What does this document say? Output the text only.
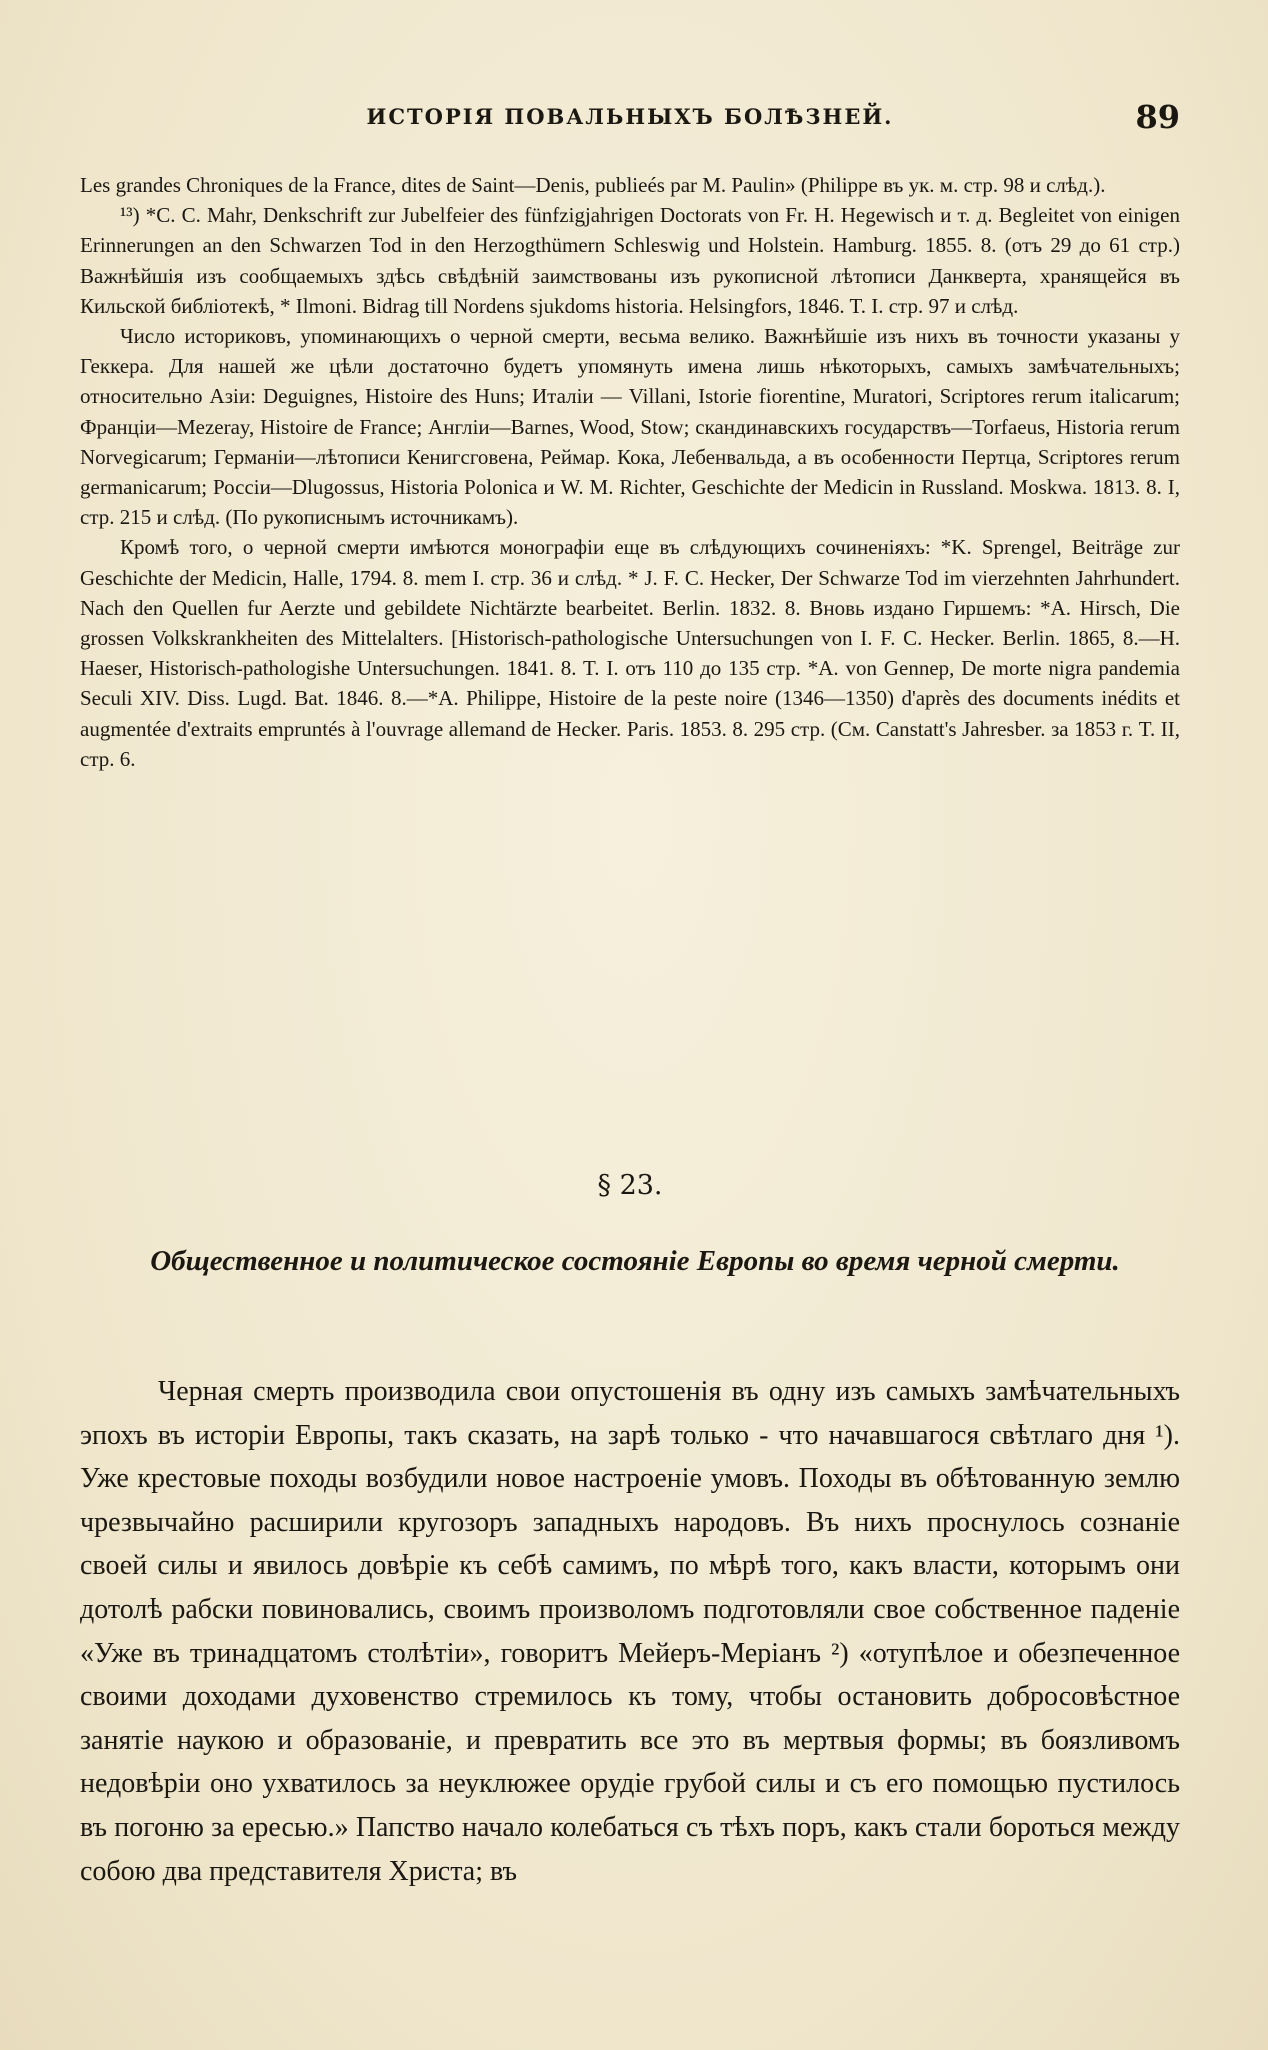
ИСТОРІЯ ПОВАЛЬНЫХЪ БОЛѢЗНЕЙ.	89

Les grandes Chroniques de la France, dites de Saint—Denis, publieés par M. Paulin» (Philippe въ ук. м. стр. 98 и слѣд.).

¹³) *C. C. Mahr, Denkschrift zur Jubelfeier des fünfzigjahrigen Doctorats von Fr. H. Hegewisch и т. д. Begleitet von einigen Erinnerungen an den Schwarzen Tod in den Herzogthümern Schleswig und Holstein. Hamburg. 1855. 8. (отъ 29 до 61 стр.) Важнѣйшія изъ сообщаемыхъ здѣсь свѣдѣній заимствованы изъ рукописной лѣтописи Данкверта, хранящейся въ Кильской библіотекѣ, * Ilmoni. Bidrag till Nordens sjukdoms historia. Helsingfors, 1846. T. I. стр. 97 и слѣд.

Число историковъ, упоминающихъ о черной смерти, весьма велико. Важнѣйшіе изъ нихъ въ точности указаны у Геккера. Для нашей же цѣли достаточно будетъ упомянуть имена лишь нѣкоторыхъ, самыхъ замѣчательныхъ; относительно Азіи: Deguignes, Histoire des Huns; Италіи — Villani, Istorie fiorentine, Muratori, Scriptores rerum italicarum; Франціи—Mezeray, Histoire de France; Англіи—Barnes, Wood, Stow; скандинавскихъ государствъ—Torfaeus, Historia rerum Norvegicarum; Германіи—лѣтописи Кенигсговена, Реймар. Кока, Лебенвальда, а въ особенности Пертца, Scriptores rerum germanicarum; Россіи—Dlugossus, Historia Polonica и W. M. Richter, Geschichte der Medicin in Russland. Moskwa. 1813. 8. I, стр. 215 и слѣд. (По рукописнымъ источникамъ).

Кромѣ того, о черной смерти имѣются монографіи еще въ слѣдующихъ сочиненіяхъ: *K. Sprengel, Beiträge zur Geschichte der Medicin, Halle, 1794. 8. mem I. стр. 36 и слѣд. * J. F. C. Hecker, Der Schwarze Tod im vierzehnten Jahrhundert. Nach den Quellen fur Aerzte und gebildete Nichtärzte bearbeitet. Berlin. 1832. 8. Вновь издано Гиршемъ: *A. Hirsch, Die grossen Volkskrankheiten des Mittelalters. [Historisch-pathologische Untersuchungen von I. F. C. Hecker. Berlin. 1865, 8.—H. Haeser, Historisch-pathologishe Untersuchungen. 1841. 8. T. I. отъ 110 до 135 стр. *A. von Gennep, De morte nigra pandemia Seculi XIV. Diss. Lugd. Bat. 1846. 8.—*A. Philippe, Histoire de la peste noire (1346—1350) d'après des documents inédits et augmentée d'extraits empruntés à l'ouvrage allemand de Hecker. Paris. 1853. 8. 295 стр. (См. Canstatt's Jahresber. за 1853 г. T. II, стр. 6.

§ 23.
Общественное и политическое состояніе Европы во время черной смерти.

Черная смерть производила свои опустошенія въ одну изъ самыхъ замѣчательныхъ эпохъ въ исторіи Европы, такъ сказать, на зарѣ только - что начавшагося свѣтлаго дня ¹). Уже крестовые походы возбудили новое настроеніе умовъ. Походы въ обѣтованную землю чрезвычайно расширили кругозоръ западныхъ народовъ. Въ нихъ проснулось сознаніе своей силы и явилось довѣріе къ себѣ самимъ, по мѣрѣ того, какъ власти, которымъ они дотолѣ рабски повиновались, своимъ произволомъ подготовляли свое собственное паденіе «Уже въ тринадцатомъ столѣтіи», говоритъ Мейеръ-Меріанъ ²) «отупѣлое и обезпеченное своими доходами духовенство стремилось къ тому, чтобы остановить добросовѣстное занятіе наукою и образованіе, и превратить все это въ мертвыя формы; въ боязливомъ недовѣріи оно ухватилось за неуклюжее орудіе грубой силы и съ его помощью пустилось въ погоню за ересью.» Папство начало колебаться съ тѣхъ поръ, какъ стали бороться между собою два представителя Христа; въ
